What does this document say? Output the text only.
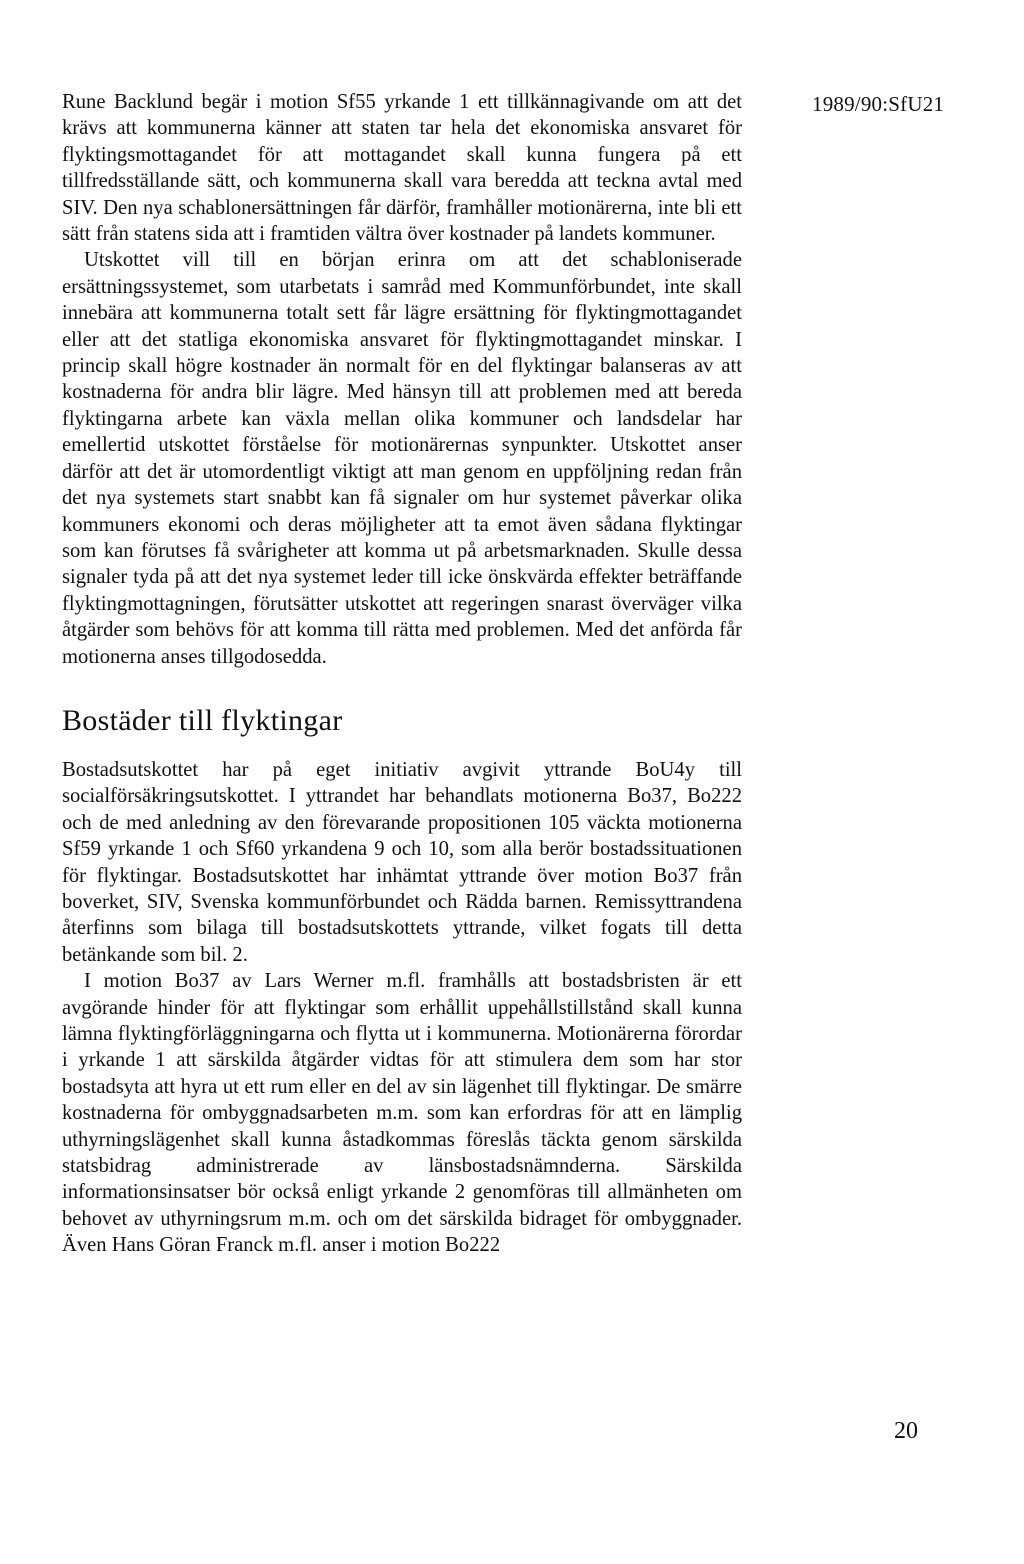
1989/90:SfU21

Rune Backlund begär i motion Sf55 yrkande 1 ett tillkännagivande om att det krävs att kommunerna känner att staten tar hela det ekonomiska ansvaret för flyktingsmottagandet för att mottagandet skall kunna fungera på ett tillfredsställande sätt, och kommunerna skall vara beredda att teckna avtal med SIV. Den nya schablonersättningen får därför, framhåller motionärerna, inte bli ett sätt från statens sida att i framtiden vältra över kostnader på landets kommuner.

Utskottet vill till en början erinra om att det schabloniserade ersättningssystemet, som utarbetats i samråd med Kommunförbundet, inte skall innebära att kommunerna totalt sett får lägre ersättning för flyktingmottagandet eller att det statliga ekonomiska ansvaret för flyktingmottagandet minskar. I princip skall högre kostnader än normalt för en del flyktingar balanseras av att kostnaderna för andra blir lägre. Med hänsyn till att problemen med att bereda flyktingarna arbete kan växla mellan olika kommuner och landsdelar har emellertid utskottet förståelse för motionärernas synpunkter. Utskottet anser därför att det är utomordentligt viktigt att man genom en uppföljning redan från det nya systemets start snabbt kan få signaler om hur systemet påverkar olika kommuners ekonomi och deras möjligheter att ta emot även sådana flyktingar som kan förutses få svårigheter att komma ut på arbetsmarknaden. Skulle dessa signaler tyda på att det nya systemet leder till icke önskvärda effekter beträffande flyktingmottagningen, förutsätter utskottet att regeringen snarast överväger vilka åtgärder som behövs för att komma till rätta med problemen. Med det anförda får motionerna anses tillgodosedda.

Bostäder till flyktingar

Bostadsutskottet har på eget initiativ avgivit yttrande BoU4y till socialförsäkringsutskottet. I yttrandet har behandlats motionerna Bo37, Bo222 och de med anledning av den förevarande propositionen 105 väckta motionerna Sf59 yrkande 1 och Sf60 yrkandena 9 och 10, som alla berör bostadssituationen för flyktingar. Bostadsutskottet har inhämtat yttrande över motion Bo37 från boverket, SIV, Svenska kommunförbundet och Rädda barnen. Remissyttrandena återfinns som bilaga till bostadsutskottets yttrande, vilket fogats till detta betänkande som bil. 2.

I motion Bo37 av Lars Werner m.fl. framhålls att bostadsbristen är ett avgörande hinder för att flyktingar som erhållit uppehållstillstånd skall kunna lämna flyktingförläggningarna och flytta ut i kommunerna. Motionärerna förordar i yrkande 1 att särskilda åtgärder vidtas för att stimulera dem som har stor bostadsyta att hyra ut ett rum eller en del av sin lägenhet till flyktingar. De smärre kostnaderna för ombyggnadsarbeten m.m. som kan erfordras för att en lämplig uthyrningslägenhet skall kunna åstadkommas föreslås täckta genom särskilda statsbidrag administrerade av länsbostadsnämnderna. Särskilda informationsinsatser bör också enligt yrkande 2 genomföras till allmänheten om behovet av uthyrningsrum m.m. och om det särskilda bidraget för ombyggnader. Även Hans Göran Franck m.fl. anser i motion Bo222

20
